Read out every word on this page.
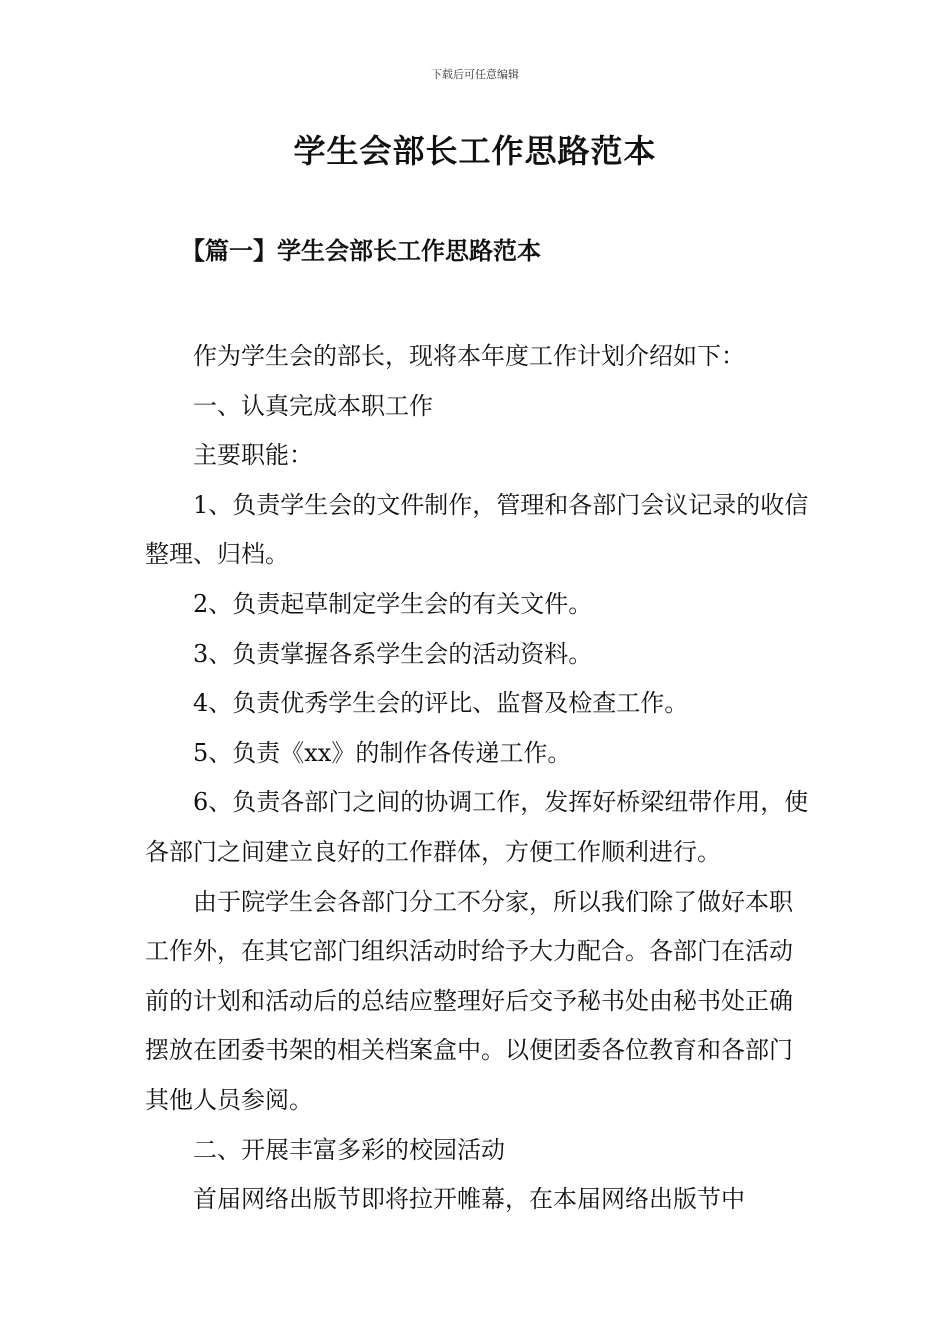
下载后可任意编辑
学生会部长工作思路范本
【篇一】学生会部长工作思路范本

作为学生会的部长，现将本年度工作计划介绍如下：

一、认真完成本职工作

主要职能：

1、负责学生会的文件制作，管理和各部门会议记录的收信整理、归档。

2、负责起草制定学生会的有关文件。

3、负责掌握各系学生会的活动资料。

4、负责优秀学生会的评比、监督及检查工作。

5、负责《xx》的制作各传递工作。

6、负责各部门之间的协调工作，发挥好桥梁纽带作用，使各部门之间建立良好的工作群体，方便工作顺利进行。

由于院学生会各部门分工不分家，所以我们除了做好本职工作外，在其它部门组织活动时给予大力配合。各部门在活动前的计划和活动后的总结应整理好后交予秘书处由秘书处正确摆放在团委书架的相关档案盒中。以便团委各位教育和各部门其他人员参阅。

二、开展丰富多彩的校园活动

首届网络出版节即将拉开帷幕，在本届网络出版节中
